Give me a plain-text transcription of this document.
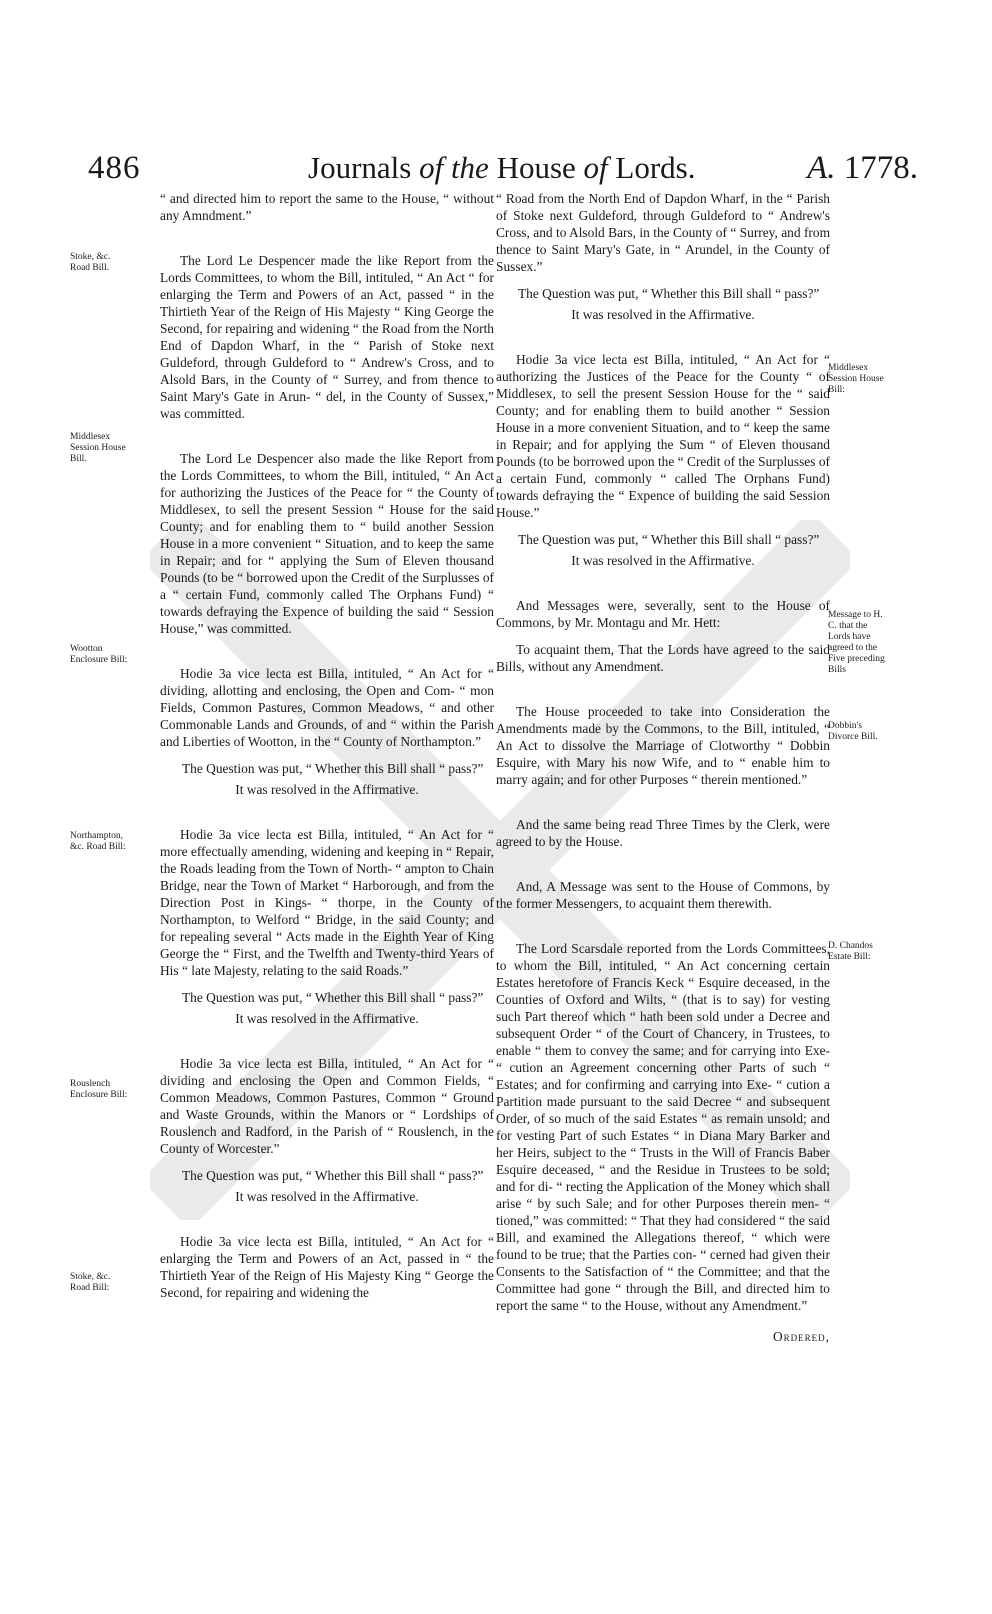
486	Journals of the House of Lords.	A. 1778.
Stoke, &c. Road Bill.
Middlesex Session House Bill.
Wootton Enclosure Bill:
Northampton, &c. Road Bill:
Rouslench Enclosure Bill:
Stoke, &c. Road Bill:
Middlesex Session House Bill:
Message to H. C. that the Lords have agreed to the Five preceding Bills
Dobbin's Divorce Bill.
D. Chandos Estate Bill:

“ and directed him to report the same to the House, “ without any Amndment.”

The Lord Le Despencer made the like Report from the Lords Committees, to whom the Bill, intituled, “ An Act “ for enlarging the Term and Powers of an Act, passed “ in the Thirtieth Year of the Reign of His Majesty “ King George the Second, for repairing and widening “ the Road from the North End of Dapdon Wharf, in the “ Parish of Stoke next Guldeford, through Guldeford to “ Andrew's Cross, and to Alsold Bars, in the County of “ Surrey, and from thence to Saint Mary's Gate in Arun- “ del, in the County of Sussex,” was committed.

The Lord Le Despencer also made the like Report from the Lords Committees, to whom the Bill, intituled, “ An Act for authorizing the Justices of the Peace for “ the County of Middlesex, to sell the present Session “ House for the said County; and for enabling them to “ build another Session House in a more convenient “ Situation, and to keep the same in Repair; and for “ applying the Sum of Eleven thousand Pounds (to be “ borrowed upon the Credit of the Surplusses of a “ certain Fund, commonly called The Orphans Fund) “ towards defraying the Expence of building the said “ Session House,” was committed.

Hodie 3a vice lecta est Billa, intituled, “ An Act for “ dividing, allotting and enclosing, the Open and Com- “ mon Fields, Common Pastures, Common Meadows, “ and other Commonable Lands and Grounds, of and “ within the Parish and Liberties of Wootton, in the “ County of Northampton.”

The Question was put, “ Whether this Bill shall “ pass?”

It was resolved in the Affirmative.

Hodie 3a vice lecta est Billa, intituled, “ An Act for “ more effectually amending, widening and keeping in “ Repair, the Roads leading from the Town of North- “ ampton to Chain Bridge, near the Town of Market “ Harborough, and from the Direction Post in Kings- “ thorpe, in the County of Northampton, to Welford “ Bridge, in the said County; and for repealing several “ Acts made in the Eighth Year of King George the “ First, and the Twelfth and Twenty-third Years of His “ late Majesty, relating to the said Roads.”

The Question was put, “ Whether this Bill shall “ pass?”

It was resolved in the Affirmative.

Hodie 3a vice lecta est Billa, intituled, “ An Act for “ dividing and enclosing the Open and Common Fields, “ Common Meadows, Common Pastures, Common “ Ground and Waste Grounds, within the Manors or “ Lordships of Rouslench and Radford, in the Parish of “ Rouslench, in the County of Worcester.”

The Question was put, “ Whether this Bill shall “ pass?”

It was resolved in the Affirmative.

Hodie 3a vice lecta est Billa, intituled, “ An Act for “ enlarging the Term and Powers of an Act, passed in “ the Thirtieth Year of the Reign of His Majesty King “ George the Second, for repairing and widening the

“ Road from the North End of Dapdon Wharf, in the “ Parish of Stoke next Guldeford, through Guldeford to “ Andrew's Cross, and to Alsold Bars, in the County of “ Surrey, and from thence to Saint Mary's Gate, in “ Arundel, in the County of Sussex.”

The Question was put, “ Whether this Bill shall “ pass?”

It was resolved in the Affirmative.

Hodie 3a vice lecta est Billa, intituled, “ An Act for “ authorizing the Justices of the Peace for the County “ of Middlesex, to sell the present Session House for the “ said County; and for enabling them to build another “ Session House in a more convenient Situation, and to “ keep the same in Repair; and for applying the Sum “ of Eleven thousand Pounds (to be borrowed upon the “ Credit of the Surplusses of a certain Fund, commonly “ called The Orphans Fund) towards defraying the “ Expence of building the said Session House.”

The Question was put, “ Whether this Bill shall “ pass?”

It was resolved in the Affirmative.

And Messages were, severally, sent to the House of Commons, by Mr. Montagu and Mr. Hett:

To acquaint them, That the Lords have agreed to the said Bills, without any Amendment.

The House proceeded to take into Consideration the Amendments made by the Commons, to the Bill, intituled, “ An Act to dissolve the Marriage of Clotworthy “ Dobbin Esquire, with Mary his now Wife, and to “ enable him to marry again; and for other Purposes “ therein mentioned.”

And the same being read Three Times by the Clerk, were agreed to by the House.

And, A Message was sent to the House of Commons, by the former Messengers, to acquaint them therewith.

The Lord Scarsdale reported from the Lords Committees, to whom the Bill, intituled, “ An Act concerning certain Estates heretofore of Francis Keck “ Esquire deceased, in the Counties of Oxford and Wilts, “ (that is to say) for vesting such Part thereof which “ hath been sold under a Decree and subsequent Order “ of the Court of Chancery, in Trustees, to enable “ them to convey the same; and for carrying into Exe- “ cution an Agreement concerning other Parts of such “ Estates; and for confirming and carrying into Exe- “ cution a Partition made pursuant to the said Decree “ and subsequent Order, of so much of the said Estates “ as remain unsold; and for vesting Part of such Estates “ in Diana Mary Barker and her Heirs, subject to the “ Trusts in the Will of Francis Baber Esquire deceased, “ and the Residue in Trustees to be sold; and for di- “ recting the Application of the Money which shall arise “ by such Sale; and for other Purposes therein men- “ tioned,” was committed: “ That they had considered “ the said Bill, and examined the Allegations thereof, “ which were found to be true; that the Parties con- “ cerned had given their Consents to the Satisfaction of “ the Committee; and that the Committee had gone “ through the Bill, and directed him to report the same “ to the House, without any Amendment.”

Ordered,
